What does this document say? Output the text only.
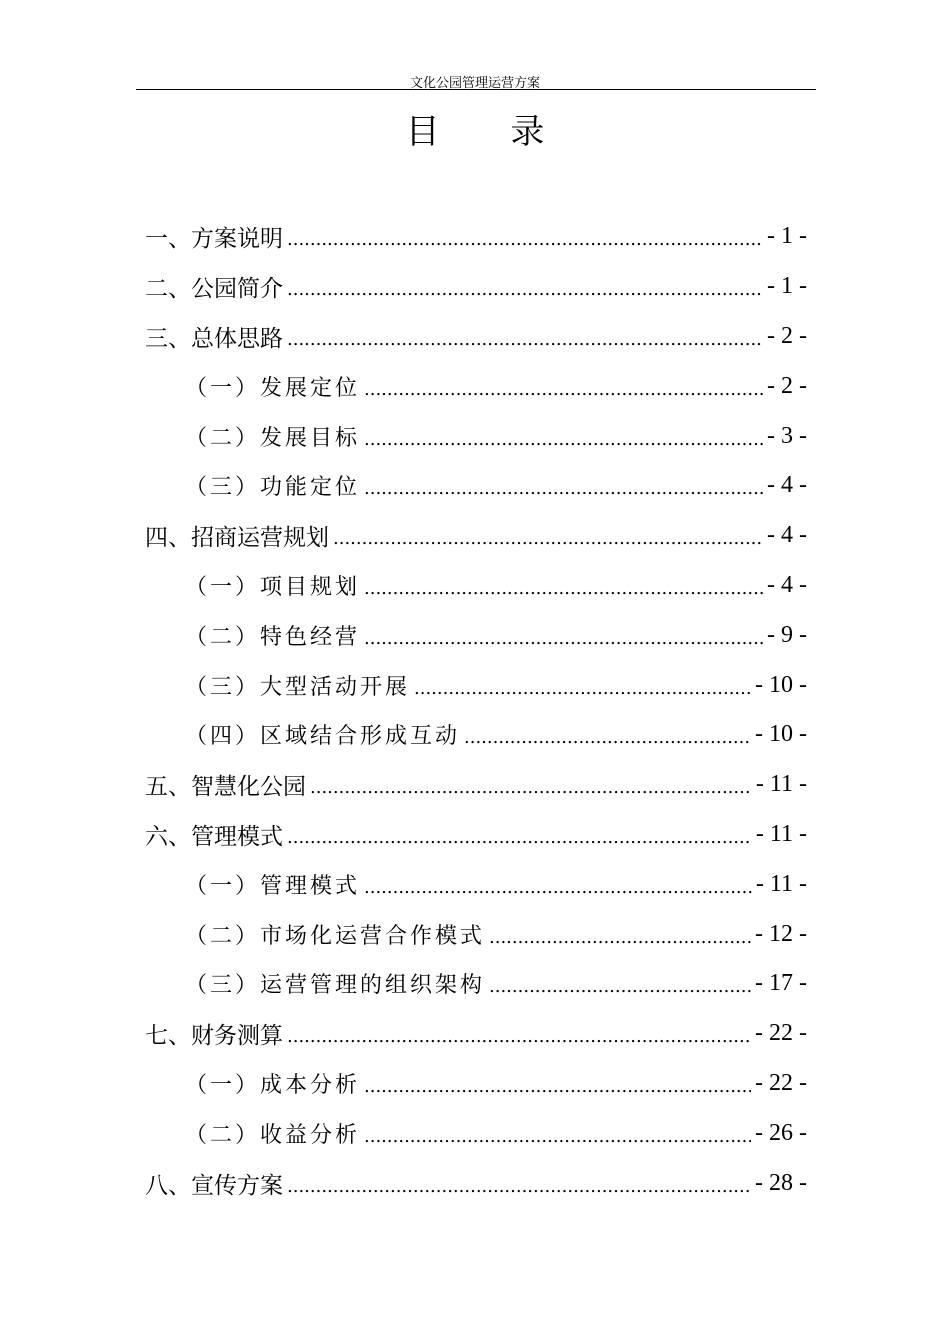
文化公园管理运营方案
目 录
一、方案说明 .....	- 1 -
二、公园简介 .....	- 1 -
三、总体思路 .....	- 2 -
（一）发展定位 .....	- 2 -
（二）发展目标 .....	- 3 -
（三）功能定位 .....	- 4 -
四、招商运营规划 .....	- 4 -
（一）项目规划 .....	- 4 -
（二）特色经营 .....	- 9 -
（三）大型活动开展 .....	- 10 -
（四）区域结合形成互动 .....	- 10 -
五、智慧化公园 .....	- 11 -
六、管理模式 .....	- 11 -
（一）管理模式 .....	- 11 -
（二）市场化运营合作模式 .....	- 12 -
（三）运营管理的组织架构 .....	- 17 -
七、财务测算 .....	- 22 -
（一）成本分析 .....	- 22 -
（二）收益分析 .....	- 26 -
八、宣传方案 .....	- 28 -
